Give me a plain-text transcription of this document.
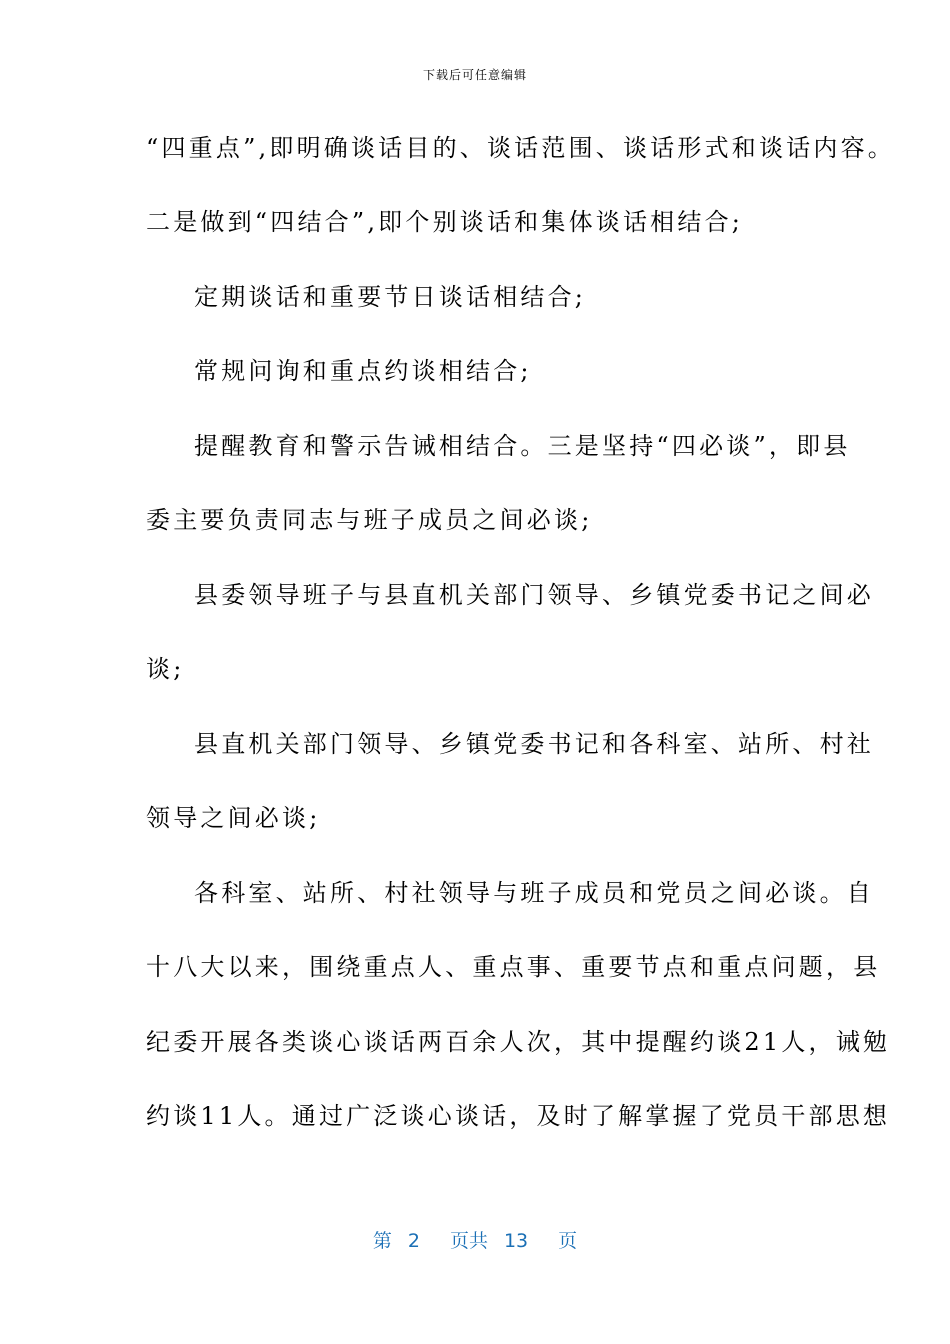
下载后可任意编辑
“四重点”,即明确谈话目的、谈话范围、谈话形式和谈话内容。
二是做到“四结合”,即个别谈话和集体谈话相结合;
定期谈话和重要节日谈话相结合;
常规问询和重点约谈相结合;
提醒教育和警示告诫相结合。三是坚持“四必谈”，即县
委主要负责同志与班子成员之间必谈;
县委领导班子与县直机关部门领导、乡镇党委书记之间必
谈;
县直机关部门领导、乡镇党委书记和各科室、站所、村社
领导之间必谈;
各科室、站所、村社领导与班子成员和党员之间必谈。自
十八大以来，围绕重点人、重点事、重要节点和重点问题，县
纪委开展各类谈心谈话两百余人次，其中提醒约谈21人，诫勉
约谈11人。通过广泛谈心谈话，及时了解掌握了党员干部思想
第 2 页共 13 页
